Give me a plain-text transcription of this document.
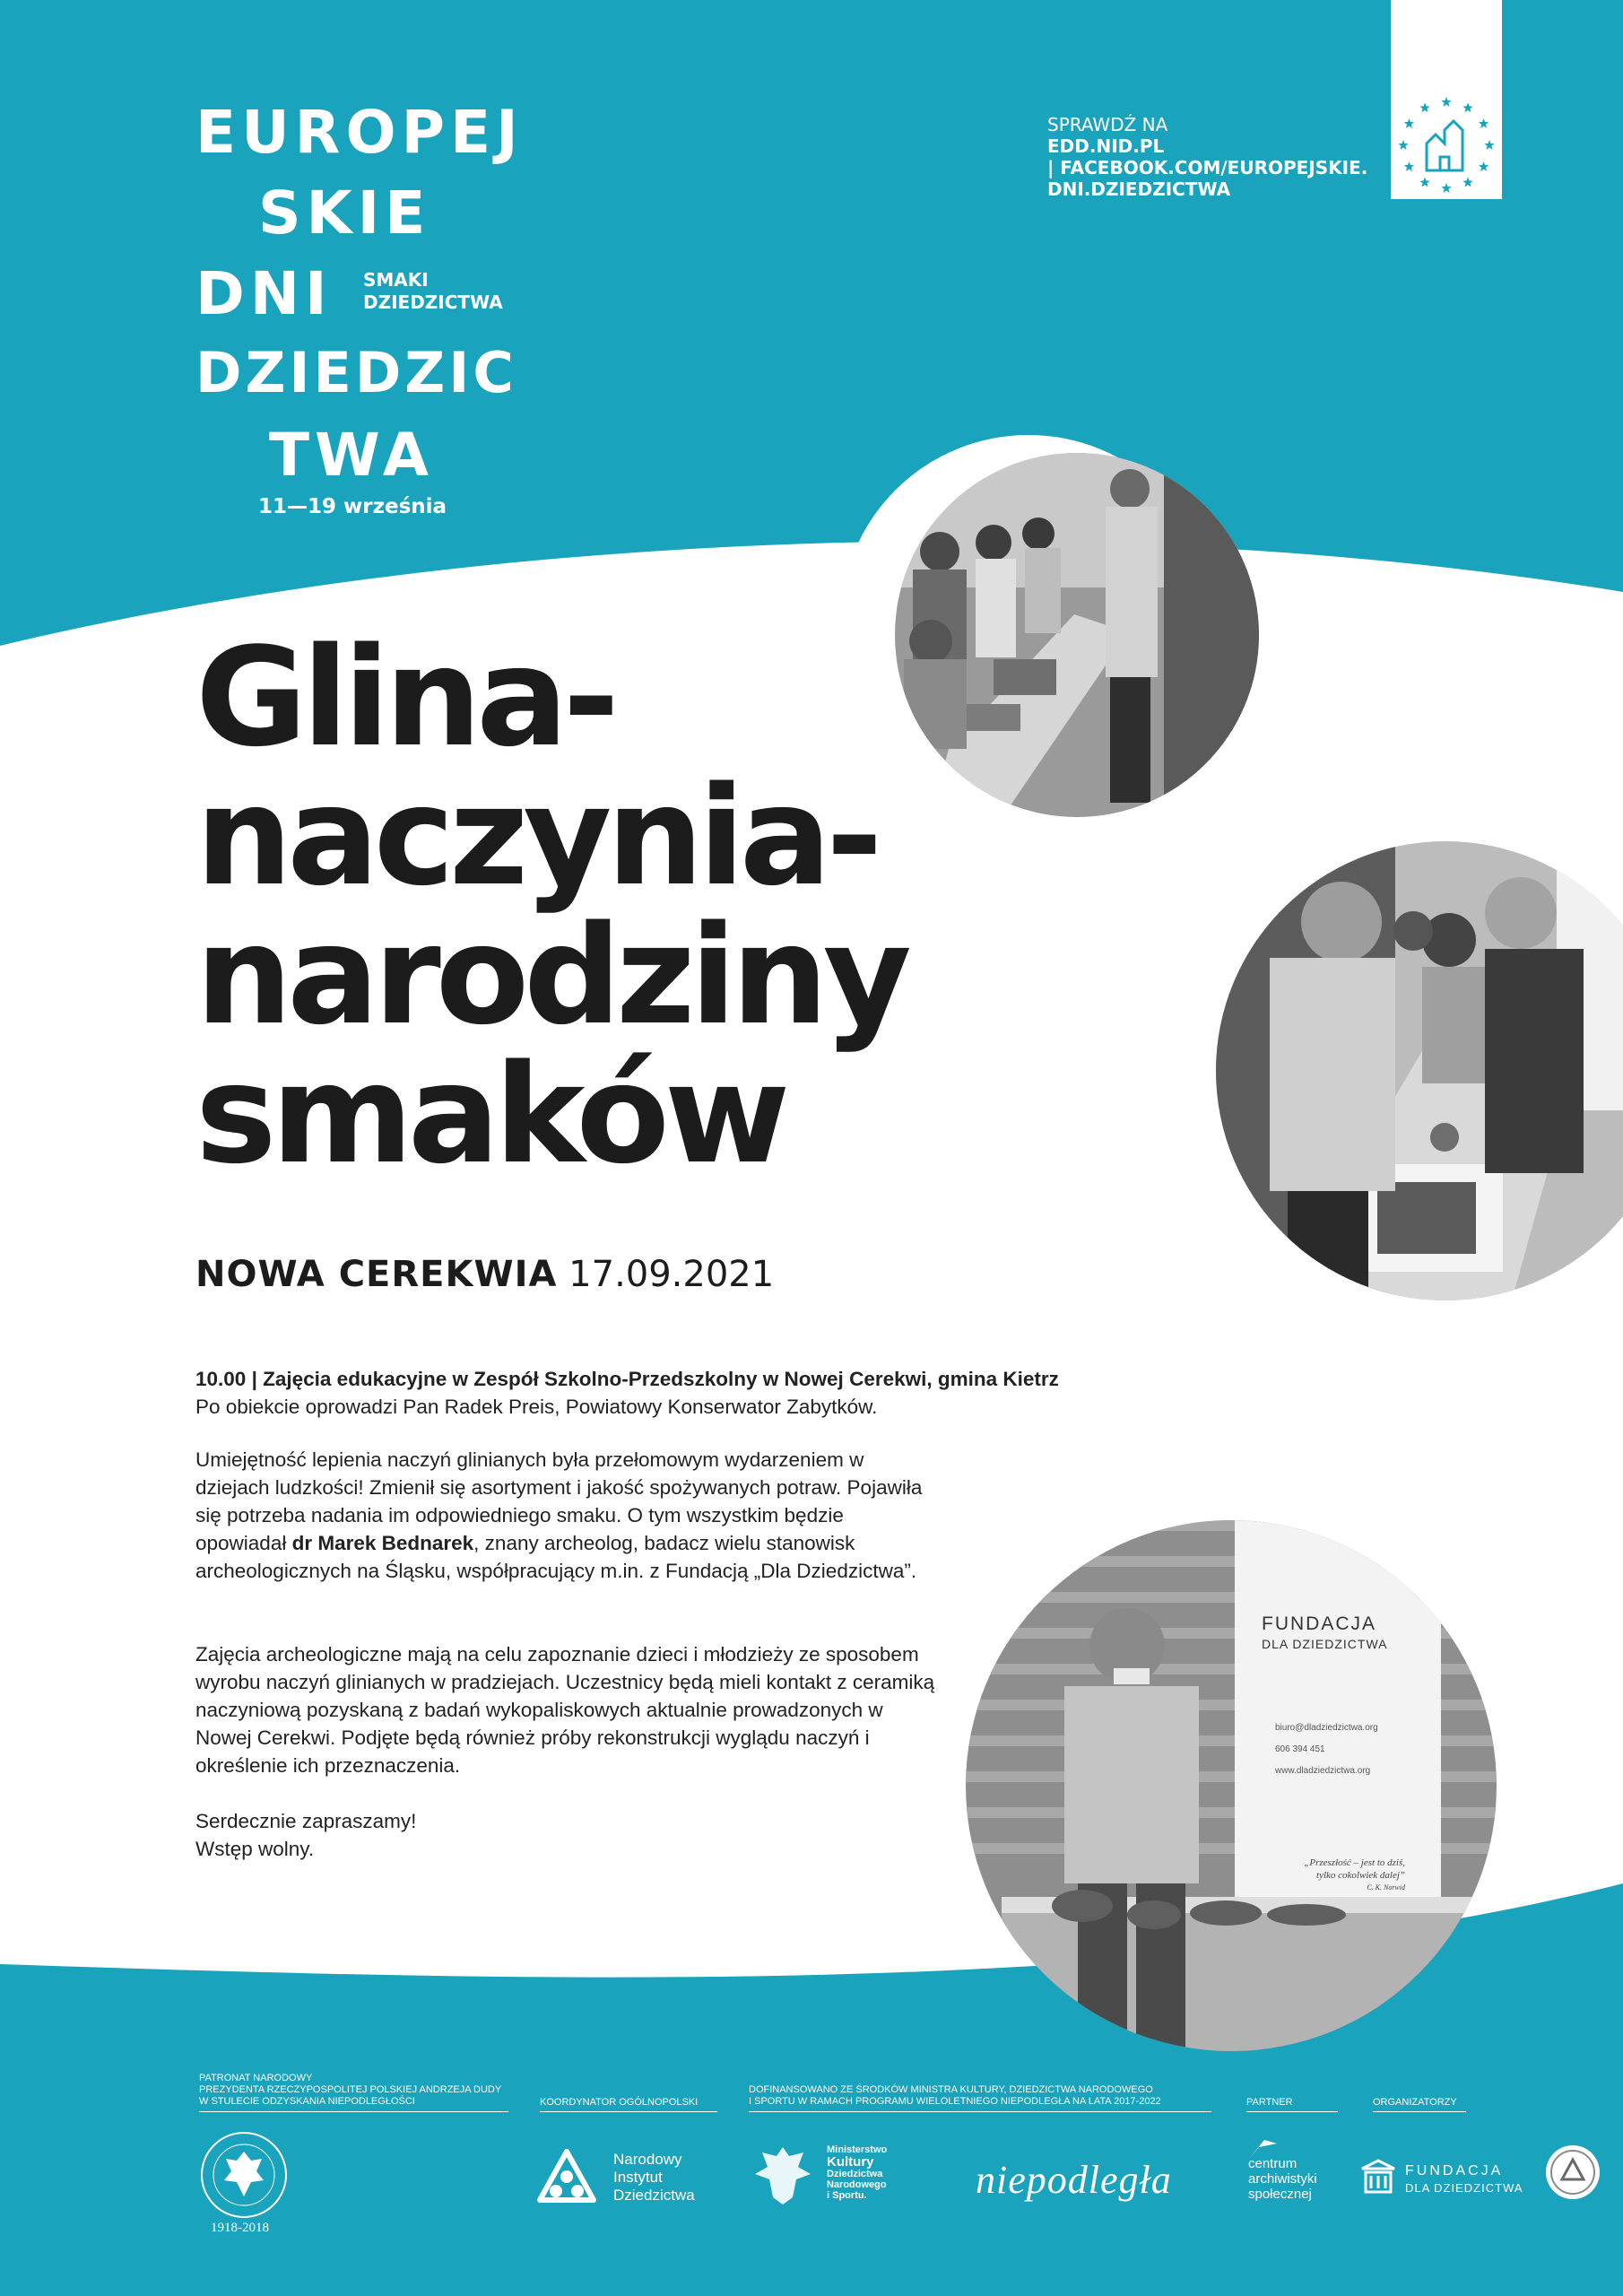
EUROPEJ
SKIE
DNI
DZIEDZIC
TWA
SMAKI
DZIEDZICTWA
11—19 września
SPRAWDŹ NA
EDD.NID.PL
| FACEBOOK.COM/EUROPEJSKIE.
DNI.DZIEDZICTWA
Glina-
naczynia-
narodziny
smaków
NOWA CEREKWIA 17.09.2021

10.00 | Zajęcia edukacyjne w Zespół Szkolno-Przedszkolny w Nowej Cerekwi, gmina Kietrz

Po obiekcie oprowadzi Pan Radek Preis, Powiatowy Konserwator Zabytków.

Umiejętność lepienia naczyń glinianych była przełomowym wydarzeniem w dziejach ludzkości! Zmienił się asortyment i jakość spożywanych potraw. Pojawiła się potrzeba nadania im odpowiedniego smaku. O tym wszystkim będzie opowiadał dr Marek Bednarek, znany archeolog, badacz wielu stanowisk archeologicznych na Śląsku, współpracujący m.in. z Fundacją „Dla Dziedzictwa”.

Zajęcia archeologiczne mają na celu zapoznanie dzieci i młodzieży ze sposobem wyrobu naczyń glinianych w pradziejach. Uczestnicy będą mieli kontakt z ceramiką naczyniową pozyskaną z badań wykopaliskowych aktualnie prowadzonych w Nowej Cerekwi. Podjęte będą również próby rekonstrukcji wyglądu naczyń i określenie ich przeznaczenia.

Serdecznie zapraszamy!

Wstęp wolny.

FUNDACJA
DLA DZIEDZICTWA
biuro@dladziedzictwa.org
606 394 451
www.dladziedzictwa.org
„Przeszłość – jest to dziś,
tylko cokolwiek dalej”
C. K. Norwid
PATRONAT NARODOWY
PREZYDENTA RZECZYPOSPOLITEJ POLSKIEJ ANDRZEJA DUDY
W STULECIE ODZYSKANIA NIEPODLEGŁOŚCI
1918-2018
KOORDYNATOR OGÓLNOPOLSKI
Narodowy
Instytut
Dziedzictwa
DOFINANSOWANO ZE ŚRODKÓW MINISTRA KULTURY, DZIEDZICTWA NARODOWEGO
I SPORTU W RAMACH PROGRAMU WIELOLETNIEGO NIEPODLEGŁA NA LATA 2017-2022
Ministerstwo
Kultury
Dziedzictwa
Narodowego
i Sportu.	niepodległa
PARTNER
centrum
archiwistyki
społecznej
ORGANIZATORZY
FUNDACJA
DLA DZIEDZICTWA
